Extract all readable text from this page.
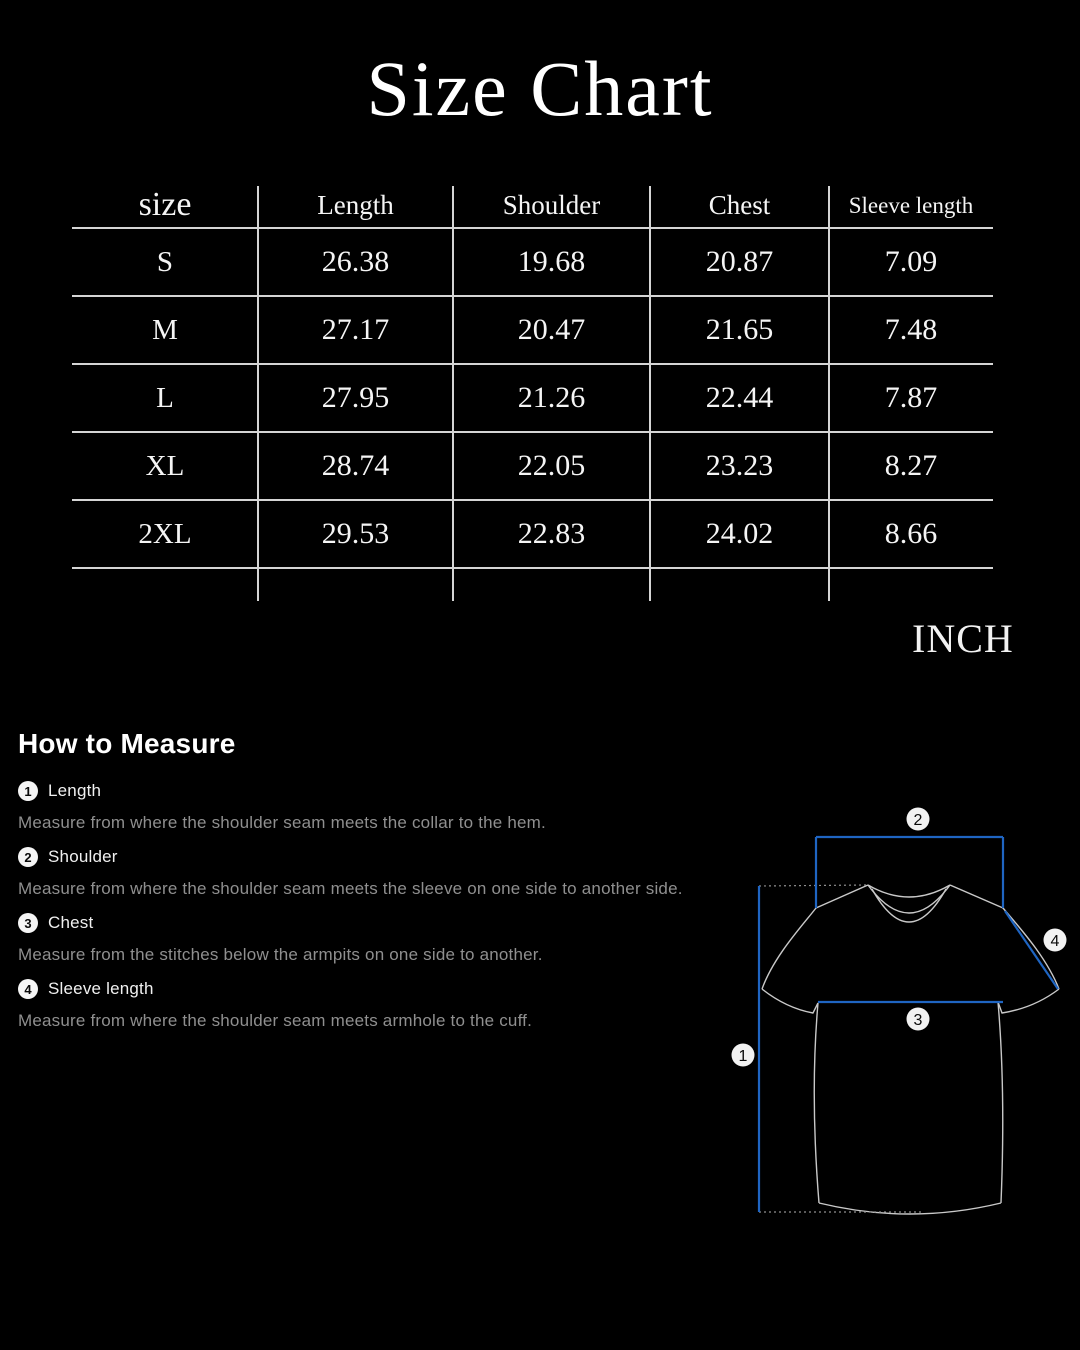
Size Chart
size	Length	Shoulder	Chest	Sleeve length
S	26.38	19.68	20.87	7.09
M	27.17	20.47	21.65	7.48
L	27.95	21.26	22.44	7.87
XL	28.74	22.05	23.23	8.27
2XL	29.53	22.83	24.02	8.66
INCH
How to Measure
1 Length

Measure from where the shoulder seam meets the collar to the hem.

2 Shoulder

Measure from where the shoulder seam meets the sleeve on one side to another side.

3 Chest

Measure from the stitches below the armpits on one side to another.

4 Sleeve length

Measure from where the shoulder seam meets armhole to the cuff.

2
4
3
1
